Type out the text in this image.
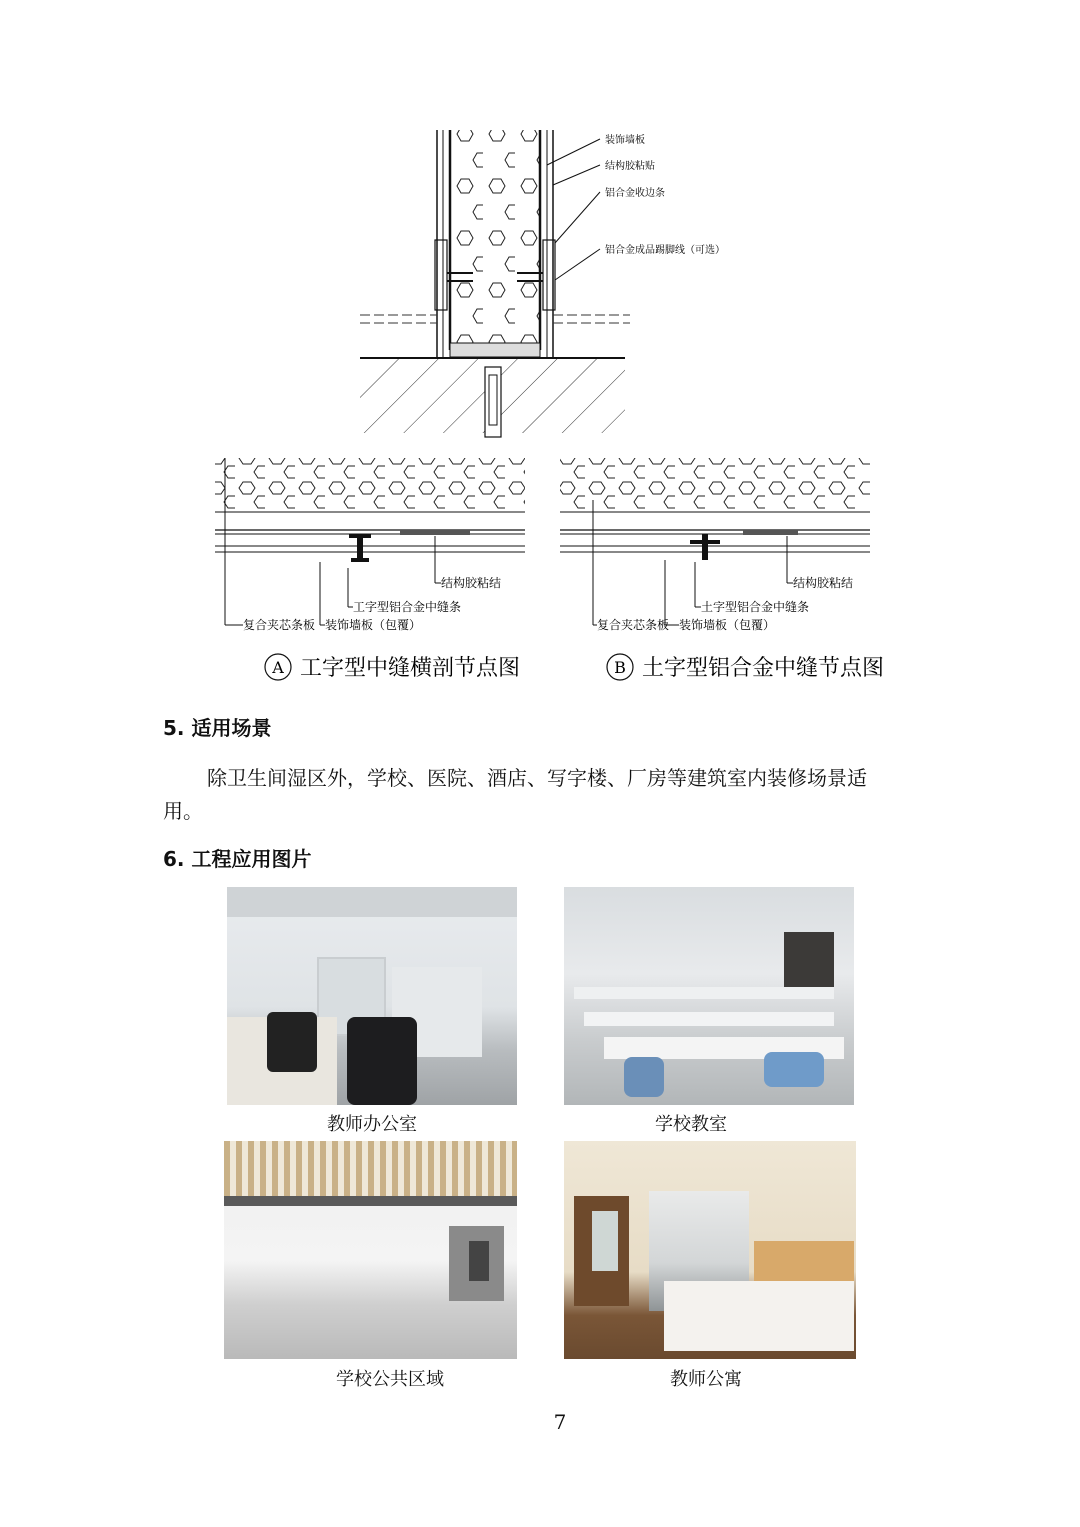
装饰墙板
结构胶粘贴
铝合金收边条
铝合金成品踢脚线（可选）
结构胶粘结
工字型铝合金中缝条
复合夹芯条板 装饰墙板（包覆）
A 工字型中缝横剖节点图
结构胶粘结
土字型铝合金中缝条
复合夹芯条板 装饰墙板（包覆）
B 土字型铝合金中缝节点图
5. 适用场景
除卫生间湿区外，学校、医院、酒店、写字楼、厂房等建筑室内装修场景适
用。
6. 工程应用图片
教师办公室	学校教室
学校公共区域	教师公寓
7
